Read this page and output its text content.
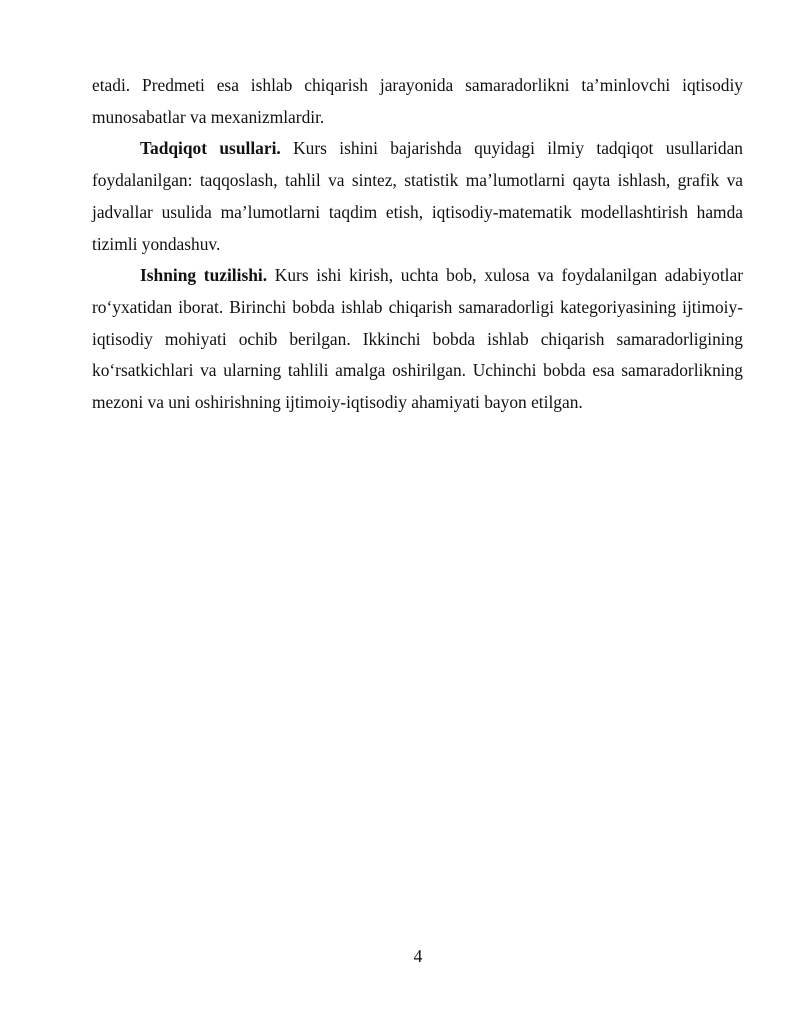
etadi. Predmeti esa ishlab chiqarish jarayonida samaradorlikni ta’minlovchi iqtisodiy munosabatlar va mexanizmlardir.

Tadqiqot usullari. Kurs ishini bajarishda quyidagi ilmiy tadqiqot usullaridan foydalanilgan: taqqoslash, tahlil va sintez, statistik ma’lumotlarni qayta ishlash, grafik va jadvallar usulida ma’lumotlarni taqdim etish, iqtisodiy-matematik modellashtirish hamda tizimli yondashuv.

Ishning tuzilishi. Kurs ishi kirish, uchta bob, xulosa va foydalanilgan adabiyotlar ro‘yxatidan iborat. Birinchi bobda ishlab chiqarish samaradorligi kategoriyasining ijtimoiy-iqtisodiy mohiyati ochib berilgan. Ikkinchi bobda ishlab chiqarish samaradorligining ko‘rsatkichlari va ularning tahlili amalga oshirilgan. Uchinchi bobda esa samaradorlikning mezoni va uni oshirishning ijtimoiy-iqtisodiy ahamiyati bayon etilgan.

4
